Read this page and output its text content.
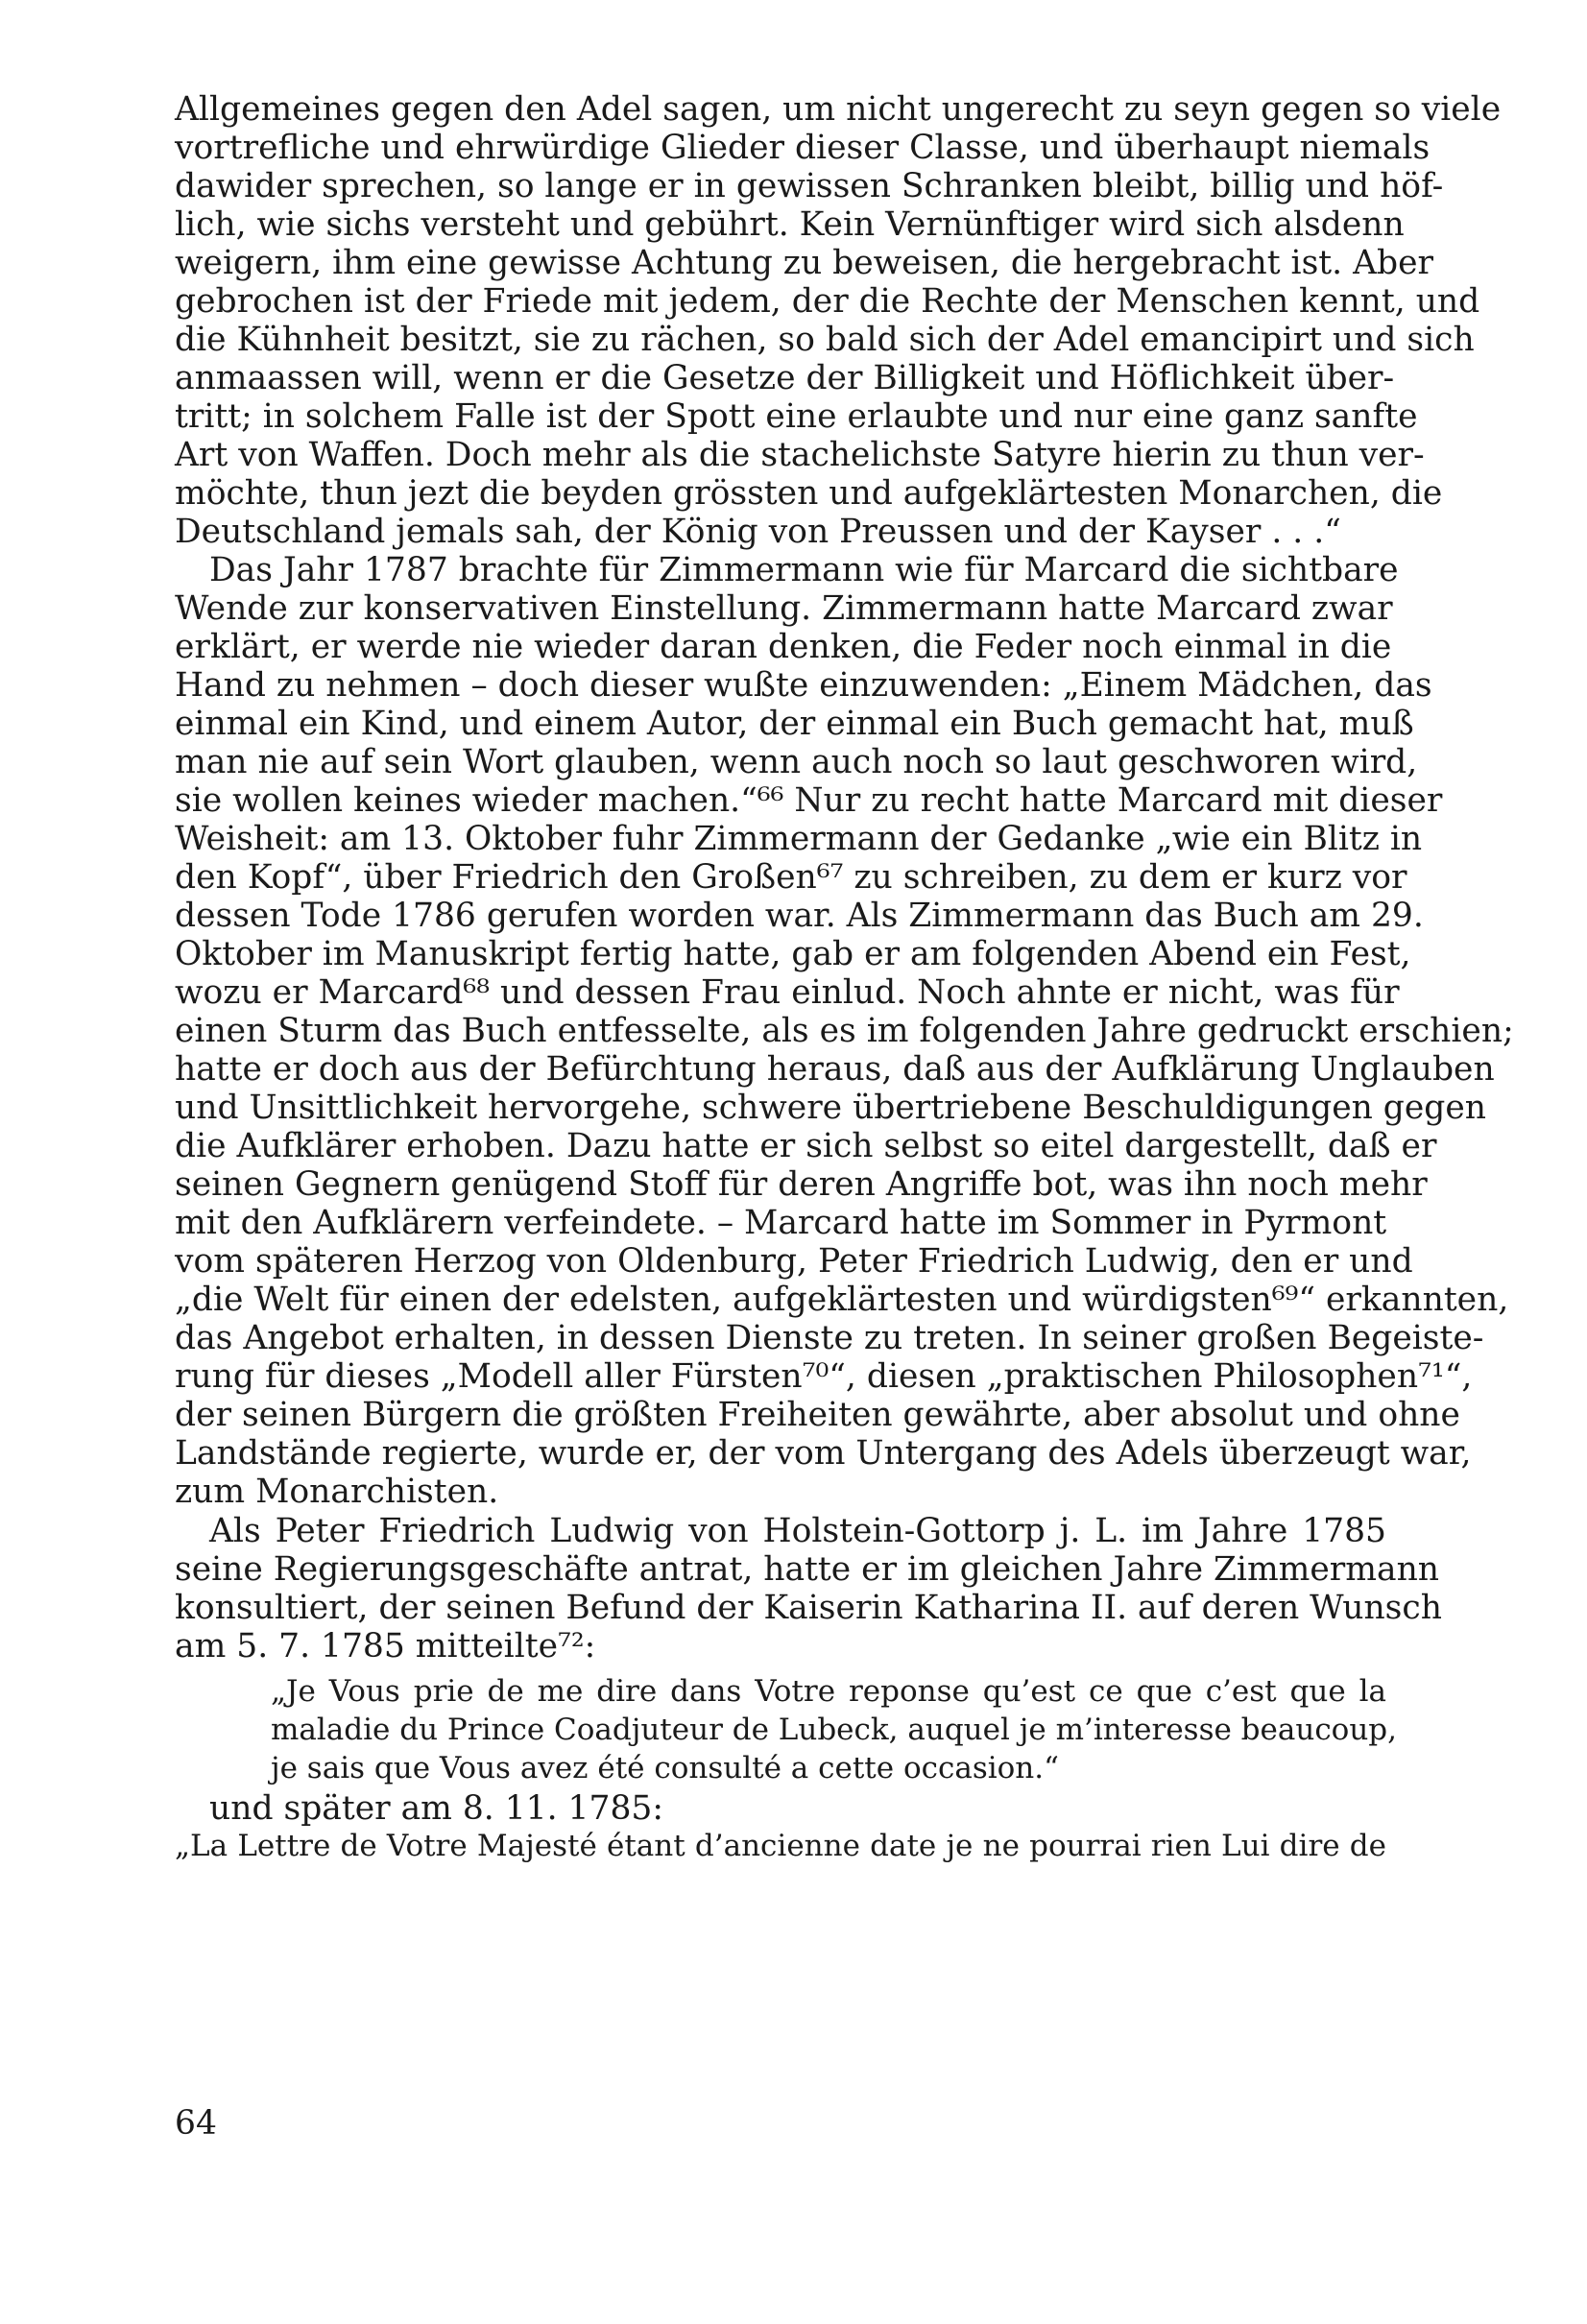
Allgemeines gegen den Adel sagen, um nicht ungerecht zu seyn gegen so viele
vortrefliche und ehrwürdige Glieder dieser Classe, und überhaupt niemals
dawider sprechen, so lange er in gewissen Schranken bleibt, billig und höf-
lich, wie sichs versteht und gebührt. Kein Vernünftiger wird sich alsdenn
weigern, ihm eine gewisse Achtung zu beweisen, die hergebracht ist. Aber
gebrochen ist der Friede mit jedem, der die Rechte der Menschen kennt, und
die Kühnheit besitzt, sie zu rächen, so bald sich der Adel emancipirt und sich
anmaassen will, wenn er die Gesetze der Billigkeit und Höflichkeit über-
tritt; in solchem Falle ist der Spott eine erlaubte und nur eine ganz sanfte
Art von Waffen. Doch mehr als die stachelichste Satyre hierin zu thun ver-
möchte, thun jezt die beyden grössten und aufgeklärtesten Monarchen, die
Deutschland jemals sah, der König von Preussen und der Kayser . . .“
Das Jahr 1787 brachte für Zimmermann wie für Marcard die sichtbare
Wende zur konservativen Einstellung. Zimmermann hatte Marcard zwar
erklärt, er werde nie wieder daran denken, die Feder noch einmal in die
Hand zu nehmen – doch dieser wußte einzuwenden: „Einem Mädchen, das
einmal ein Kind, und einem Autor, der einmal ein Buch gemacht hat, muß
man nie auf sein Wort glauben, wenn auch noch so laut geschworen wird,
sie wollen keines wieder machen.“⁶⁶ Nur zu recht hatte Marcard mit dieser
Weisheit: am 13. Oktober fuhr Zimmermann der Gedanke „wie ein Blitz in
den Kopf“, über Friedrich den Großen⁶⁷ zu schreiben, zu dem er kurz vor
dessen Tode 1786 gerufen worden war. Als Zimmermann das Buch am 29.
Oktober im Manuskript fertig hatte, gab er am folgenden Abend ein Fest,
wozu er Marcard⁶⁸ und dessen Frau einlud. Noch ahnte er nicht, was für
einen Sturm das Buch entfesselte, als es im folgenden Jahre gedruckt erschien;
hatte er doch aus der Befürchtung heraus, daß aus der Aufklärung Unglauben
und Unsittlichkeit hervorgehe, schwere übertriebene Beschuldigungen gegen
die Aufklärer erhoben. Dazu hatte er sich selbst so eitel dargestellt, daß er
seinen Gegnern genügend Stoff für deren Angriffe bot, was ihn noch mehr
mit den Aufklärern verfeindete. – Marcard hatte im Sommer in Pyrmont
vom späteren Herzog von Oldenburg, Peter Friedrich Ludwig, den er und
„die Welt für einen der edelsten, aufgeklärtesten und würdigsten⁶⁹“ erkannten,
das Angebot erhalten, in dessen Dienste zu treten. In seiner großen Begeiste-
rung für dieses „Modell aller Fürsten⁷⁰“, diesen „praktischen Philosophen⁷¹“,
der seinen Bürgern die größten Freiheiten gewährte, aber absolut und ohne
Landstände regierte, wurde er, der vom Untergang des Adels überzeugt war,
zum Monarchisten.
Als Peter Friedrich Ludwig von Holstein-Gottorp j. L. im Jahre 1785
seine Regierungsgeschäfte antrat, hatte er im gleichen Jahre Zimmermann
konsultiert, der seinen Befund der Kaiserin Katharina II. auf deren Wunsch
am 5. 7. 1785 mitteilte⁷²:
„Je Vous prie de me dire dans Votre reponse qu’est ce que c’est que la
maladie du Prince Coadjuteur de Lubeck, auquel je m’interesse beaucoup,
je sais que Vous avez été consulté a cette occasion.“
und später am 8. 11. 1785:
„La Lettre de Votre Majesté étant d’ancienne date je ne pourrai rien Lui dire de
64
